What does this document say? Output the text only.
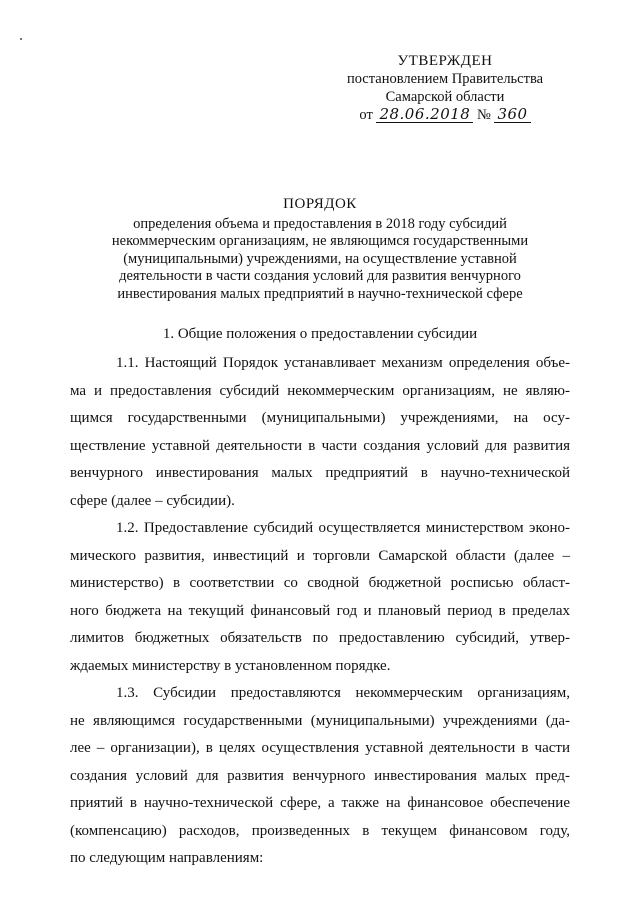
УТВЕРЖДЕН
постановлением Правительства
Самарской области
от 28.06.2018 № 360
ПОРЯДОК
определения объема и предоставления в 2018 году субсидий
некоммерческим организациям, не являющимся государственными
(муниципальными) учреждениями, на осуществление уставной
деятельности в части создания условий для развития венчурного
инвестирования малых предприятий в научно-технической сфере
1. Общие положения о предоставлении субсидии
1.1. Настоящий Порядок устанавливает механизм определения объе-
ма и предоставления субсидий некоммерческим организациям, не являю-
щимся государственными (муниципальными) учреждениями, на осу-
ществление уставной деятельности в части создания условий для развития
венчурного инвестирования малых предприятий в научно-технической
сфере (далее – субсидии).
1.2. Предоставление субсидий осуществляется министерством эконо-
мического развития, инвестиций и торговли Самарской области (далее –
министерство) в соответствии со сводной бюджетной росписью област-
ного бюджета на текущий финансовый год и плановый период в пределах
лимитов бюджетных обязательств по предоставлению субсидий, утвер-
ждаемых министерству в установленном порядке.
1.3. Субсидии предоставляются некоммерческим организациям,
не являющимся государственными (муниципальными) учреждениями (да-
лее – организации), в целях осуществления уставной деятельности в части
создания условий для развития венчурного инвестирования малых пред-
приятий в научно-технической сфере, а также на финансовое обеспечение
(компенсацию) расходов, произведенных в текущем финансовом году,
по следующим направлениям:
